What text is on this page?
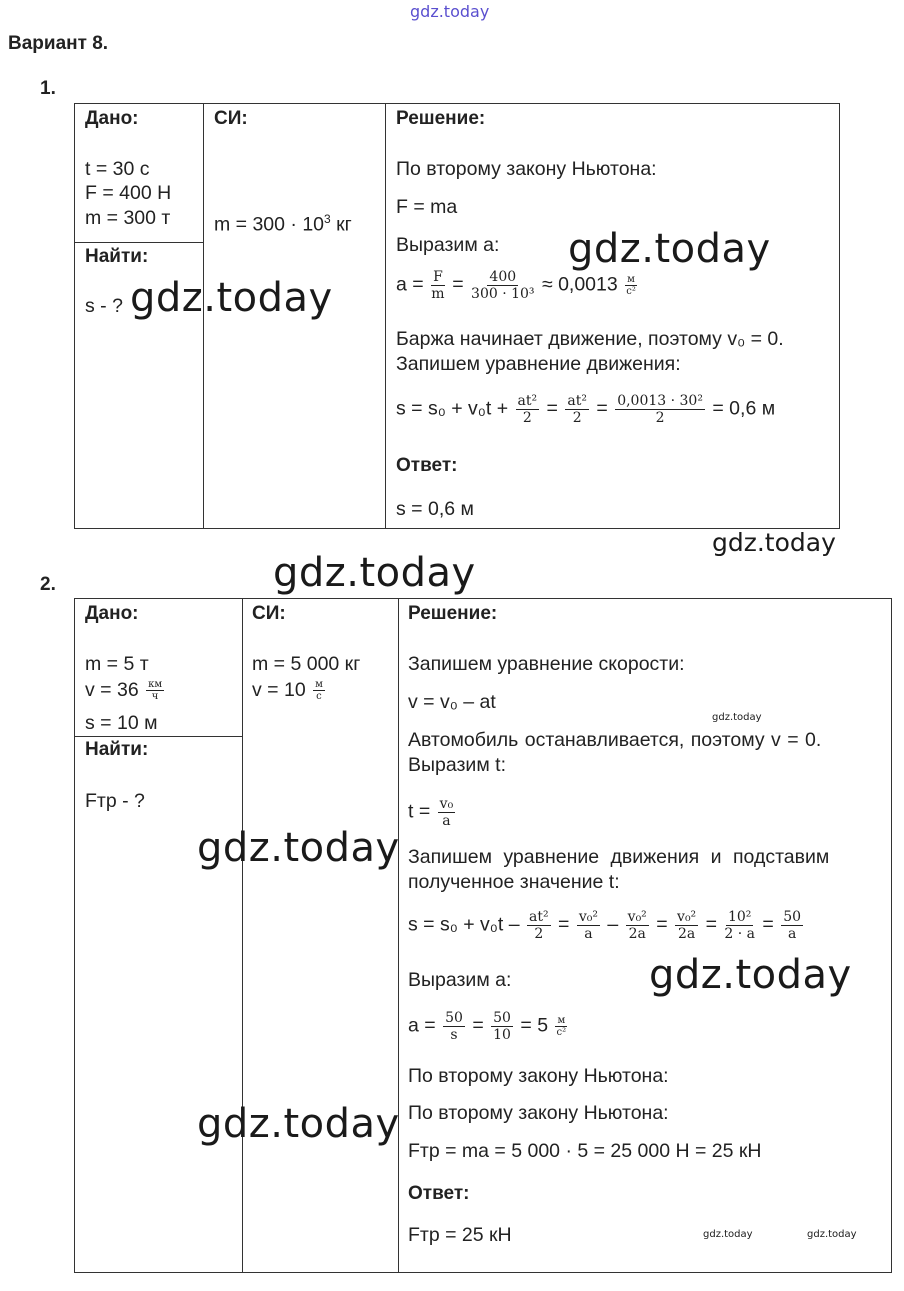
gdz.today
Вариант 8.
1.
Дано:
t = 30 с
F = 400 Н
m = 300 т
Найти:
s - ?
СИ:
$m = 300 \cdot 10^3$ кг
Решение:
По второму закону Ньютона:
F = ma
Выразим a:
$a = \frac{F}{m} = \frac{400}{\text{300 · 10³}} \approx 0,0013 \frac{м}{\text{с²}}$
Баржа начинает движение, поэтому v₀ = 0.
Запишем уравнение движения:
$s = s_0 + v_0t + \frac{\text{at²}}{2} = \frac{\text{at²}}{2} = \frac{\text{0,0013 · 30²}}{2} = 0,6$ м
Ответ:
s = 0,6 м
2.
Дано:
m = 5 т
$v = 36 \frac{км}{ч}$
s = 10 м
Найти:
Fтр - ?
СИ:
m = 5 000 кг
$v = 10 \frac{м}{с}$
Решение:
Запишем уравнение скорости:
v = v₀ – at
Автомобиль останавливается, поэтому v = 0.
Выразим t:
$t = \frac{\text{v₀}}{a}$
Запишем уравнение движения и подставим
полученное значение t:
$s = s_0 + v_0t - \frac{\text{at²}}{2} = \frac{\text{v₀²}}{a} - \frac{\text{v₀²}}{2a} = \frac{\text{v₀²}}{2a} = \frac{\text{10²}}{2 \cdot a} = \frac{50}{a}$
Выразим a:
$a = \frac{50}{s} = \frac{50}{10} = 5 \frac{м}{\text{с²}}$
По второму закону Ньютона:
По второму закону Ньютона:
Fтр = ma = 5 000 · 5 = 25 000 Н = 25 кН
Ответ:
Fтр = 25 кН
gdz.today
gdz.today
gdz.today
gdz.today
gdz.today
gdz.today
gdz.today
gdz.today
gdz.today	gdz.today
